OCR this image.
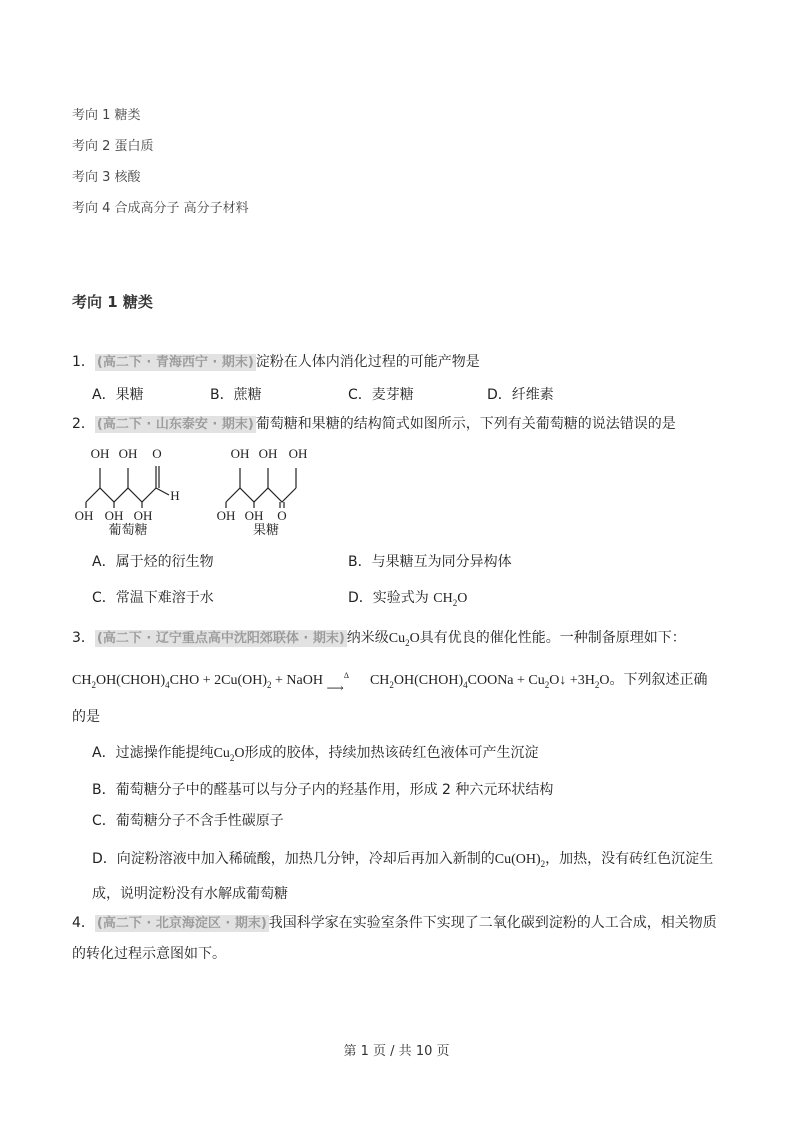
考向 1 糖类
考向 2 蛋白质
考向 3 核酸
考向 4 合成高分子 高分子材料
考向 1 糖类
1． (高二下 · 青海西宁 · 期末) 淀粉在人体内消化过程的可能产物是
A．果糖	B．蔗糖	C．麦芽糖	D．纤维素
2． (高二下 · 山东泰安 · 期末) 葡萄糖和果糖的结构简式如图所示，下列有关葡萄糖的说法错误的是
OH OH O
H
OH OH OH
OH OH OH
OH OH O
葡萄糖	果糖
A．属于烃的衍生物	B．与果糖互为同分异构体
C．常温下难溶于水	D．实验式为 $CH_2O$
3． (高二下 · 辽宁重点高中沈阳郊联体 · 期末) 纳米级$Cu_2O$具有优良的催化性能。一种制备原理如下：
$CH_2OH(CHOH)_4CHO + 2Cu(OH)_2$ + NaOH	Δ
⟶ $CH_2OH(CHOH)_4COONa$ + $Cu_2O↓ +3H_2O$。下列叙述正确
的是
A．过滤操作能提纯$Cu_2O$形成的胶体，持续加热该砖红色液体可产生沉淀
B．葡萄糖分子中的醛基可以与分子内的羟基作用，形成 2 种六元环状结构
C．葡萄糖分子不含手性碳原子
D．向淀粉溶液中加入稀硫酸，加热几分钟，冷却后再加入新制的$Cu(OH)_2$，加热，没有砖红色沉淀生
成，说明淀粉没有水解成葡萄糖
4． (高二下 · 北京海淀区 · 期末) 我国科学家在实验室条件下实现了二氧化碳到淀粉的人工合成，相关物质
的转化过程示意图如下。
第 1 页 / 共 10 页
